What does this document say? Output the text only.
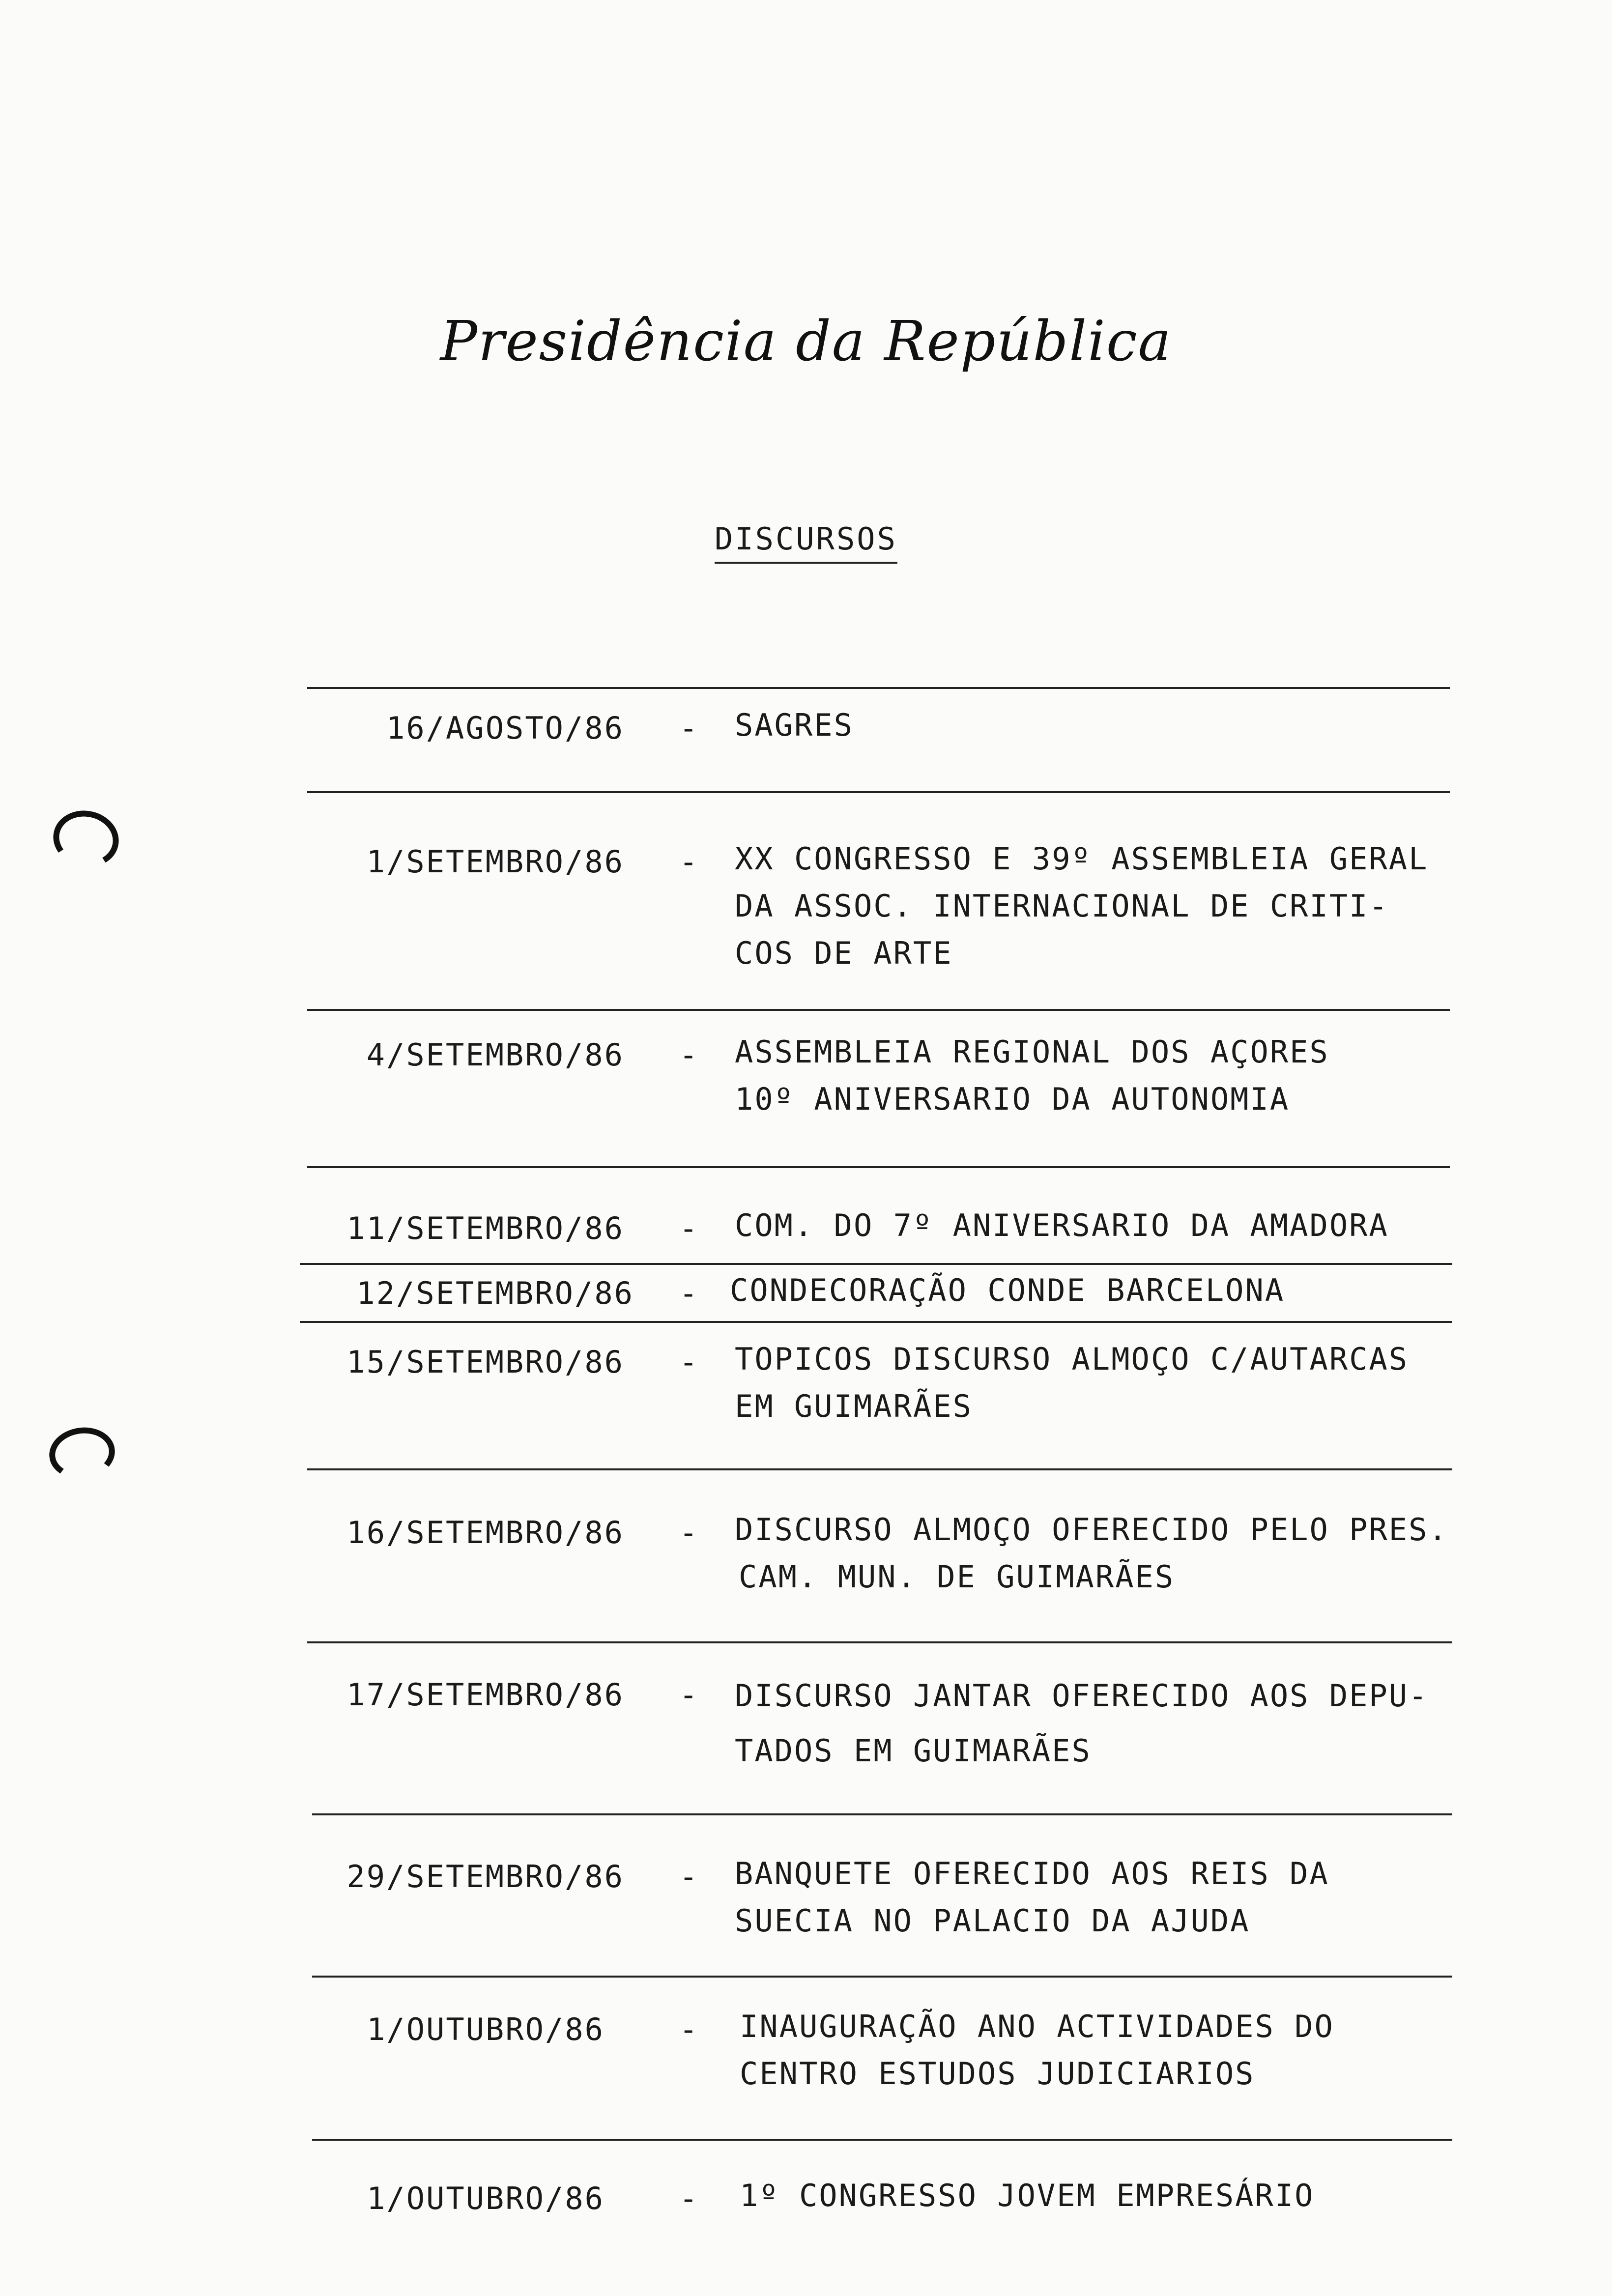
Presidência da República
DISCURSOS
16/AGOSTO/86 - SAGRES
1/SETEMBRO/86 - XX CONGRESSO E 39º ASSEMBLEIA GERAL
DA ASSOC. INTERNACIONAL DE CRITI-
COS DE ARTE
4/SETEMBRO/86 - ASSEMBLEIA REGIONAL DOS AÇORES
10º ANIVERSARIO DA AUTONOMIA
11/SETEMBRO/86 - COM. DO 7º ANIVERSARIO DA AMADORA
12/SETEMBRO/86 - CONDECORAÇÃO CONDE BARCELONA
15/SETEMBRO/86 - TOPICOS DISCURSO ALMOÇO C/AUTARCAS
EM GUIMARÃES
16/SETEMBRO/86 - DISCURSO ALMOÇO OFERECIDO PELO PRES.
CAM. MUN. DE GUIMARÃES
17/SETEMBRO/86 - DISCURSO JANTAR OFERECIDO AOS DEPU-
TADOS EM GUIMARÃES
29/SETEMBRO/86 - BANQUETE OFERECIDO AOS REIS DA
SUECIA NO PALACIO DA AJUDA
1/OUTUBRO/86 - INAUGURAÇÃO ANO ACTIVIDADES DO
CENTRO ESTUDOS JUDICIARIOS
1/OUTUBRO/86 - 1º CONGRESSO JOVEM EMPRESÁRIO
